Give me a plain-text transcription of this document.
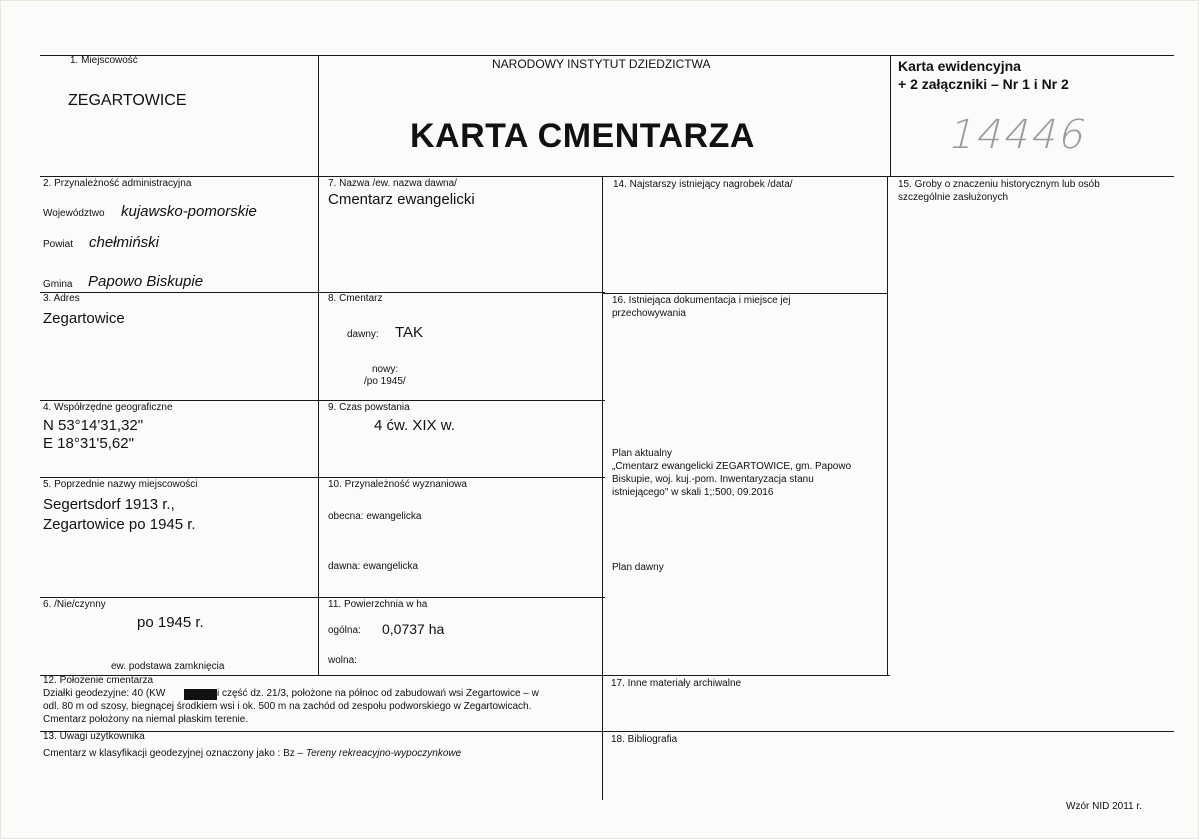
1. Miejscowość
ZEGARTOWICE
NARODOWY INSTYTUT DZIEDZICTWA
KARTA CMENTARZA
Karta ewidencyjna
+ 2 załączniki – Nr 1 i Nr 2
14446
2. Przynależność administracyjna
Województwo kujawsko-pomorskie
Powiat chełmiński
Gmina Papowo Biskupie
3. Adres
Zegartowice
4. Współrzędne geograficzne
N 53°14'31,32"
E 18°31'5,62"
5. Poprzednie nazwy miejscowości
Segertsdorf 1913 r.,
Zegartowice po 1945 r.
6. /Nie/czynny
po 1945 r.
ew. podstawa zamknięcia
7. Nazwa /ew. nazwa dawna/
Cmentarz ewangelicki
8. Cmentarz
dawny: TAK
nowy:
/po 1945/
9. Czas powstania
4 ćw. XIX w.
10. Przynależność wyznaniowa
obecna: ewangelicka
dawna: ewangelicka
11. Powierzchnia w ha
ogólna: 0,0737 ha
wolna:
12. Położenie cmentarza
Działki geodezyjne: 40 (KW	i część dz. 21/3, położone na północ od zabudowań wsi Zegartowice – w
odl. 80 m od szosy, biegnącej środkiem wsi i ok. 500 m na zachód od zespołu podworskiego w Zegartowicach.
Cmentarz położony na niemal płaskim terenie.
13. Uwagi użytkownika
Cmentarz w klasyfikacji geodezyjnej oznaczony jako : Bz – Tereny rekreacyjno-wypoczynkowe
14. Najstarszy istniejący nagrobek /data/	15. Groby o znaczeniu historycznym lub osób
szczególnie zasłużonych
16. Istniejąca dokumentacja i miejsce jej
przechowywania
Plan aktualny
„Cmentarz ewangelicki ZEGARTOWICE, gm. Papowo
Biskupie, woj. kuj.-pom. Inwentaryzacja stanu
istniejącego" w skali 1;:500, 09.2016
Plan dawny
17. Inne materiały archiwalne
18. Bibliografia
Wzór NID 2011 r.
